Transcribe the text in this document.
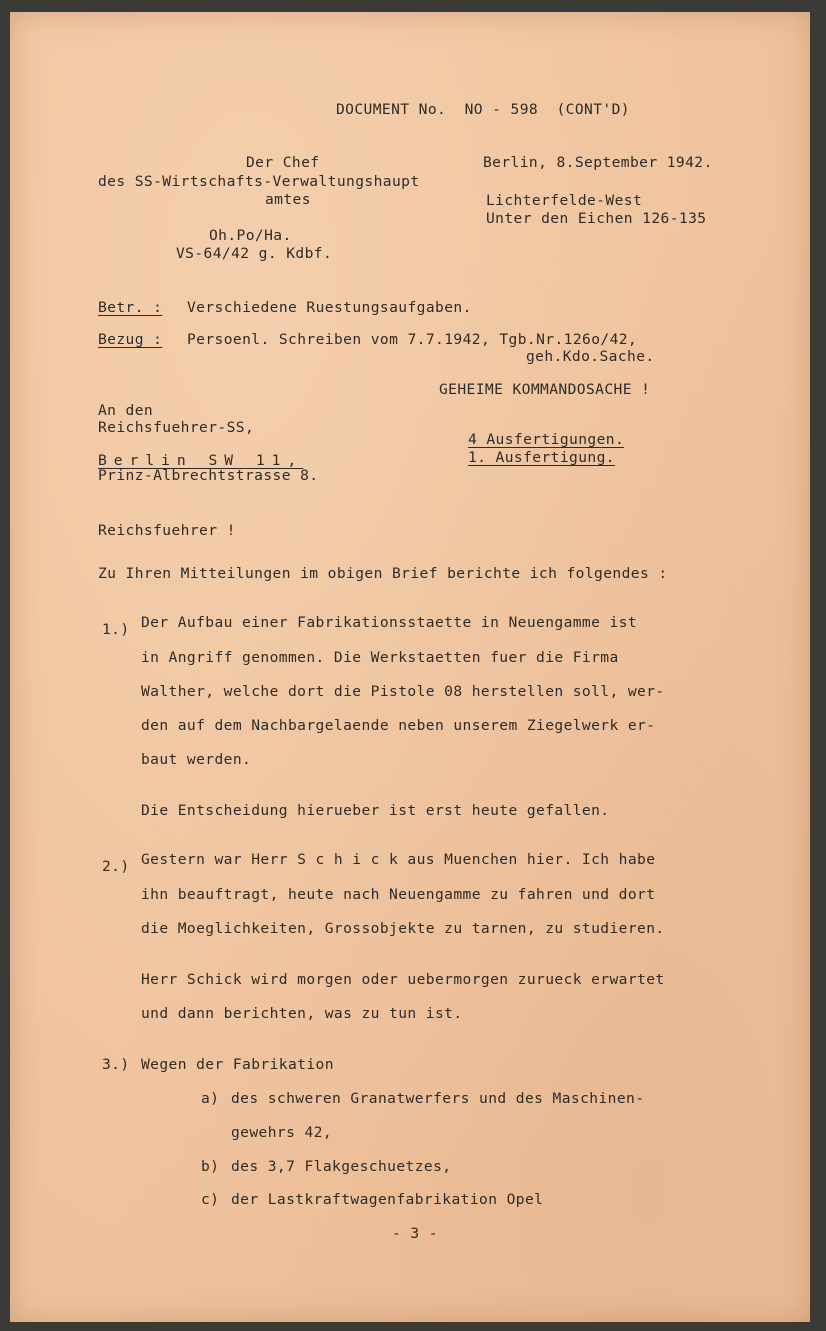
DOCUMENT No.  NO - 598  (CONT'D)
Der Chef
des SS-Wirtschafts-Verwaltungshaupt
amtes
Berlin, 8.September 1942.
Lichterfelde-West
Unter den Eichen 126-135
Oh.Po/Ha.
VS-64/42 g. Kdbf.
Betr. : Verschiedene Ruestungsaufgaben.
Bezug : Persoenl. Schreiben vom 7.7.1942, Tgb.Nr.126o/42,
geh.Kdo.Sache.
GEHEIME KOMMANDOSACHE !
An den
Reichsfuehrer-SS,
4 Ausfertigungen.
1. Ausfertigung.
Berlin SW 11,
Prinz-Albrechtstrasse 8.
Reichsfuehrer !
Zu Ihren Mitteilungen im obigen Brief berichte ich folgendes :
1.) Der Aufbau einer Fabrikationsstaette in Neuengamme ist
in Angriff genommen. Die Werkstaetten fuer die Firma
Walther, welche dort die Pistole 08 herstellen soll, wer-
den auf dem Nachbargelaende neben unserem Ziegelwerk er-
baut werden.
Die Entscheidung hierueber ist erst heute gefallen.
2.) Gestern war Herr S c h i c k aus Muenchen hier. Ich habe
ihn beauftragt, heute nach Neuengamme zu fahren und dort
die Moeglichkeiten, Grossobjekte zu tarnen, zu studieren.
Herr Schick wird morgen oder uebermorgen zurueck erwartet
und dann berichten, was zu tun ist.
3.) Wegen der Fabrikation
a) des schweren Granatwerfers und des Maschinen-
gewehrs 42,
b) des 3,7 Flakgeschuetzes,
c) der Lastkraftwagenfabrikation Opel
- 3 -
